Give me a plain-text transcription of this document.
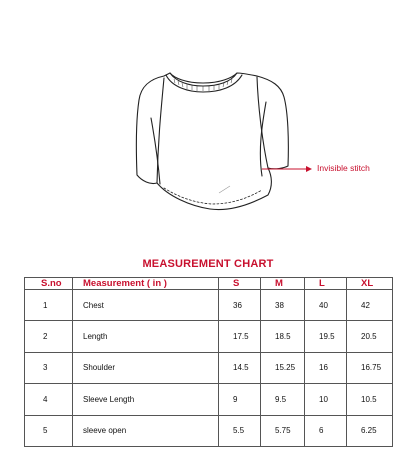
Invisible stitch
MEASUREMENT CHART
S.no	Measurement ( in )	S	M	L	XL
1	Chest	36	38	40	42
2	Length	17.5	18.5	19.5	20.5
3	Shoulder	14.5	15.25	16	16.75
4	Sleeve Length	9	9.5	10	10.5
5	sleeve open	5.5	5.75	6	6.25
